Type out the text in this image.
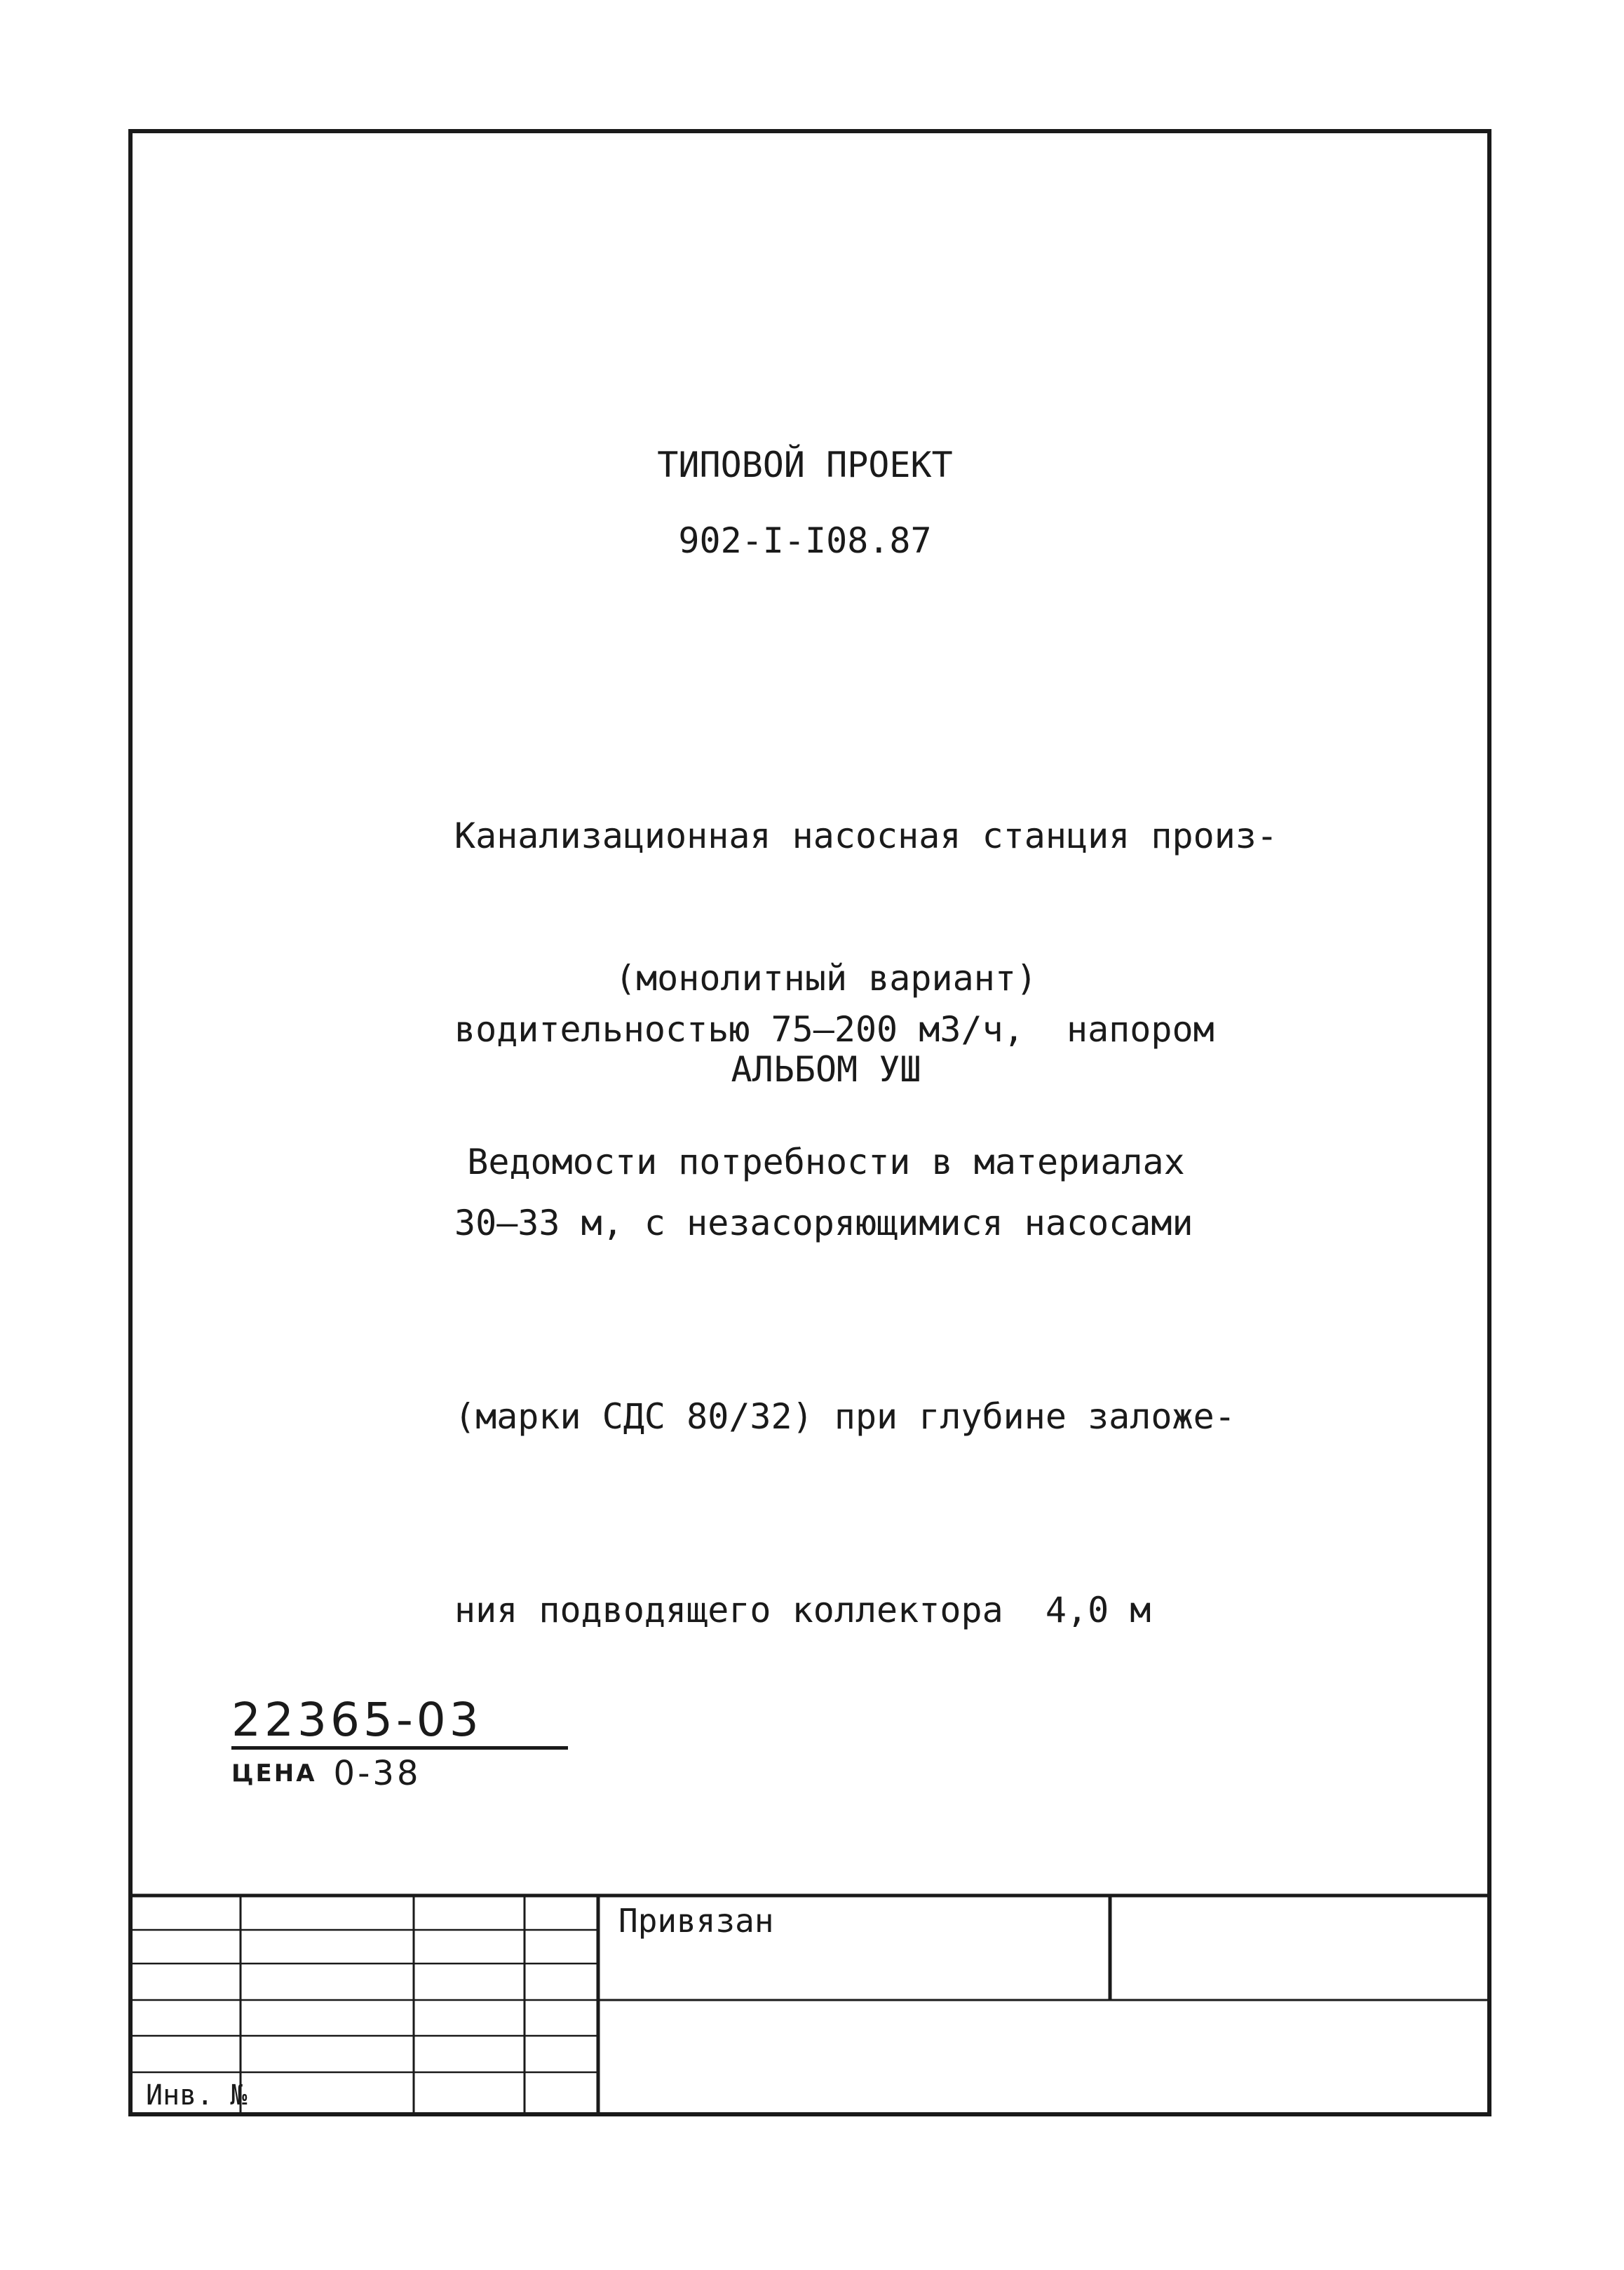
ТИПОВОЙ ПРОЕКТ
902-I-I08.87

Канализационная насосная станция произ-

водительностью 75–200 м3/ч,  напором

30–33 м, с незасоряющимися насосами

(марки СДС 80/32) при глубине заложе-

ния подводящего коллектора  4,0 м

(монолитный вариант)
АЛЬБОМ УШ
Ведомости потребности в материалах
22365-03
ЦЕНА 0-38
Привязан
Инв. №
